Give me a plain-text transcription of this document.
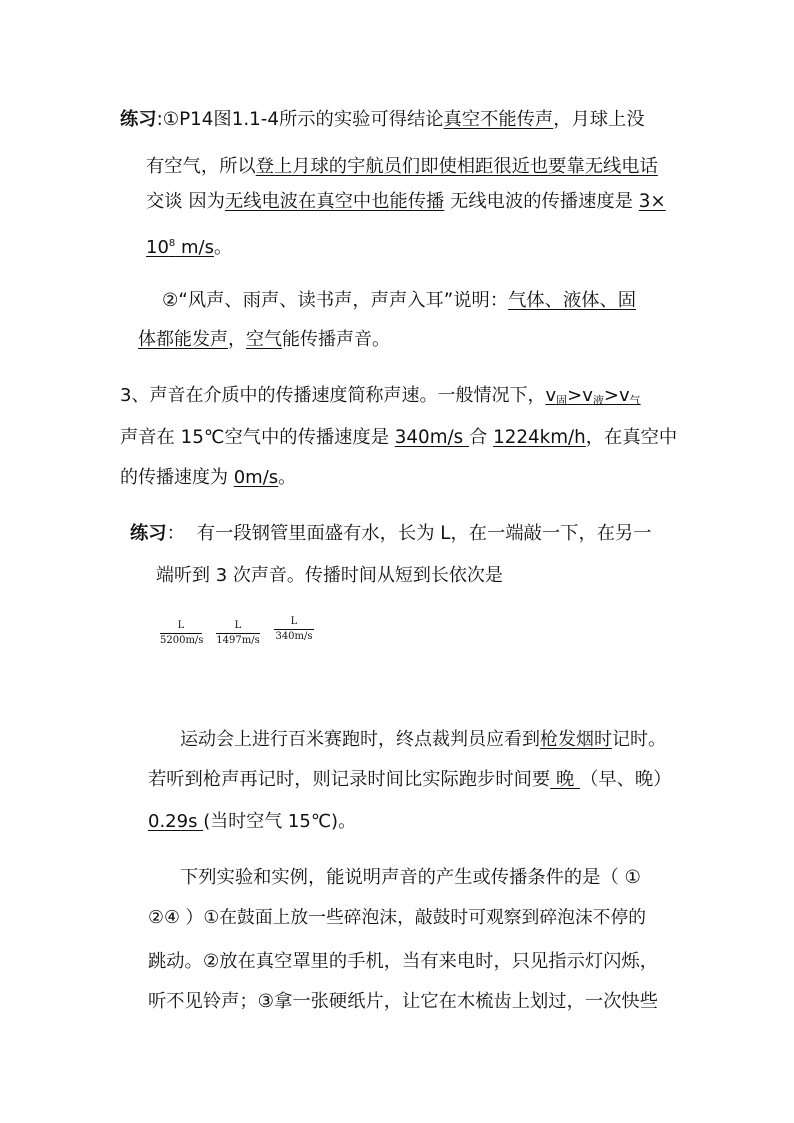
练习:①P14图1.1-4所示的实验可得结论真空不能传声，月球上没
有空气，所以登上月球的宇航员们即使相距很近也要靠无线电话
交谈 因为无线电波在真空中也能传播 无线电波的传播速度是 3×
$10^8$ m/s。
②“风声、雨声、读书声，声声入耳”说明：气体、液体、固
体都能发声，空气能传播声音。
3、声音在介质中的传播速度简称声速。一般情况下，$v_固>v_液>v_气$
声音在 15℃空气中的传播速度是 340m/s 合 1224km/h，在真空中
的传播速度为 0m/s。
练习： 有一段钢管里面盛有水，长为 L，在一端敲一下，在另一
端听到 3 次声音。传播时间从短到长依次是
$\frac{L}{5200m/s} \frac{L}{1497m/s} \frac{L}{340m/s}$
运动会上进行百米赛跑时，终点裁判员应看到枪发烟时记时。
若听到枪声再记时，则记录时间比实际跑步时间要 晚 （早、晚）
0.29s (当时空气 15℃)。
下列实验和实例，能说明声音的产生或传播条件的是（ ①
②④ ）①在鼓面上放一些碎泡沫，敲鼓时可观察到碎泡沫不停的
跳动。②放在真空罩里的手机，当有来电时，只见指示灯闪烁，
听不见铃声；③拿一张硬纸片，让它在木梳齿上划过，一次快些
